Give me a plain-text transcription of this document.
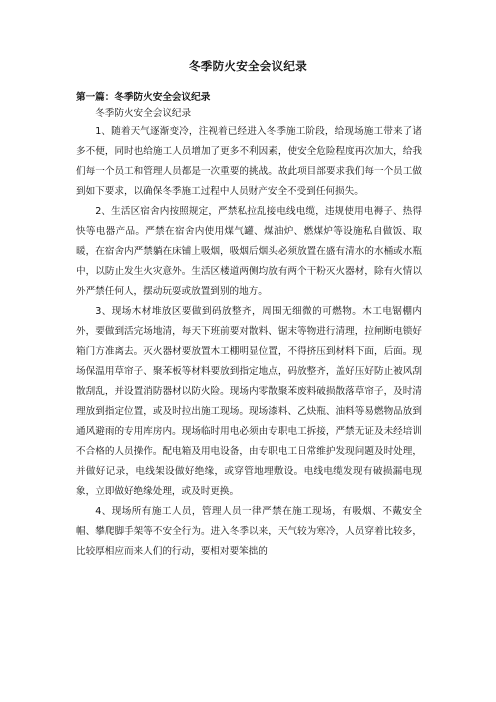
冬季防火安全会议纪录
第一篇：冬季防火安全会议纪录

冬季防火安全会议纪录

1、随着天气逐渐变冷，注视着已经进入冬季施工阶段，给现场施工带来了诸多不便，同时也给施工人员增加了更多不利因素，使安全危险程度再次加大，给我们每一个员工和管理人员都是一次重要的挑战。故此项目部要求我们每一个员工做到如下要求，以确保冬季施工过程中人员财产安全不受到任何损失。

2、生活区宿舍内按照规定，严禁私拉乱接电线电缆，违规使用电褥子、热得快等电器产品。严禁在宿舍内使用煤气罐、煤油炉、燃煤炉等设施私自做饭、取暖，在宿舍内严禁躺在床铺上吸烟，吸烟后烟头必须放置在盛有清水的水桶或水瓶中，以防止发生火灾意外。生活区楼道两侧均放有两个干粉灭火器材，除有火情以外严禁任何人，摆动玩耍或放置到别的地方。

3、现场木材堆放区要做到码放整齐，周围无细微的可燃物。木工电锯棚内外，要做到活完场地清，每天下班前要对散料、锯末等物进行清理，拉闸断电锁好箱门方准离去。灭火器材要放置木工棚明显位置，不得挤压到材料下面，后面。现场保温用草帘子、聚苯板等材料要放到指定地点，码放整齐，盖好压好防止被风刮散刮乱，并设置消防器材以防火险。现场内零散聚苯废料破损散落草帘子，及时清理放到指定位置，或及时拉出施工现场。现场漆料、乙炔瓶、油料等易燃物品放到通风避雨的专用库房内。现场临时用电必须由专职电工拆接，严禁无证及未经培训不合格的人员操作。配电箱及用电设备，由专职电工日常维护发现问题及时处理，并做好记录，电线架设做好绝缘，或穿管地埋敷设。电线电缆发现有破损漏电现象，立即做好绝缘处理，或及时更换。

4、现场所有施工人员，管理人员一律严禁在施工现场，有吸烟、不戴安全帽、攀爬脚手架等不安全行为。进入冬季以来，天气较为寒冷，人员穿着比较多，比较厚相应而来人们的行动，要相对要笨拙的
